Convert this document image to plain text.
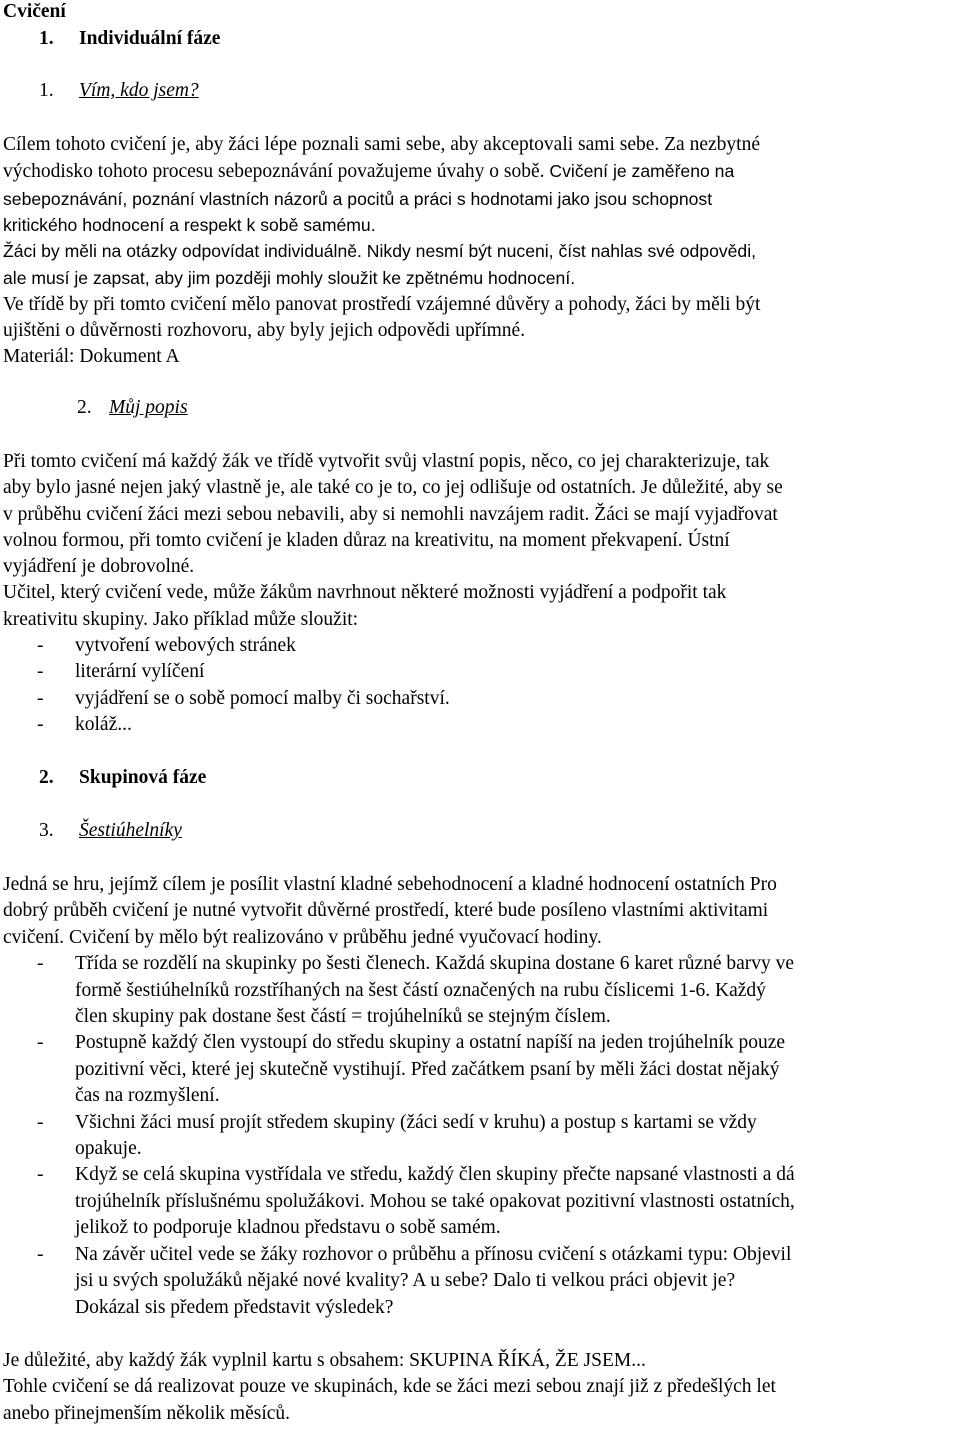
Cvičení
1. Individuální fáze
1. Vím, kdo jsem?
Cílem tohoto cvičení je, aby žáci lépe poznali sami sebe, aby akceptovali sami sebe. Za nezbytné
východisko tohoto procesu sebepoznávání považujeme úvahy o sobě. Cvičení je zaměřeno na
sebepoznávání, poznání vlastních názorů a pocitů a práci s hodnotami jako jsou schopnost
kritického hodnocení a respekt k sobě samému.
Žáci by měli na otázky odpovídat individuálně. Nikdy nesmí být nuceni, číst nahlas své odpovědi,
ale musí je zapsat, aby jim později mohly sloužit ke zpětnému hodnocení.
Ve třídě by při tomto cvičení mělo panovat prostředí vzájemné důvěry a pohody, žáci by měli být
ujištěni o důvěrnosti rozhovoru, aby byly jejich odpovědi upřímné.
Materiál: Dokument A
2. Můj popis
Při tomto cvičení má každý žák ve třídě vytvořit svůj vlastní popis, něco, co jej charakterizuje, tak
aby bylo jasné nejen jaký vlastně je, ale také co je to, co jej odlišuje od ostatních. Je důležité, aby se
v průběhu cvičení žáci mezi sebou nebavili, aby si nemohli navzájem radit. Žáci se mají vyjadřovat
volnou formou, při tomto cvičení je kladen důraz na kreativitu, na moment překvapení. Ústní
vyjádření je dobrovolné.
Učitel, který cvičení vede, může žákům navrhnout některé možnosti vyjádření a podpořit tak
kreativitu skupiny. Jako příklad může sloužit:
- vytvoření webových stránek
- literární vylíčení
- vyjádření se o sobě pomocí malby či sochařství.
- koláž...
2. Skupinová fáze
3. Šestiúhelníky
Jedná se hru, jejímž cílem je posílit vlastní kladné sebehodnocení a kladné hodnocení ostatních Pro
dobrý průběh cvičení je nutné vytvořit důvěrné prostředí, které bude posíleno vlastními aktivitami
cvičení. Cvičení by mělo být realizováno v průběhu jedné vyučovací hodiny.
- Třída se rozdělí na skupinky po šesti členech. Každá skupina dostane 6 karet různé barvy ve
formě šestiúhelníků rozstříhaných na šest částí označených na rubu číslicemi 1-6. Každý
člen skupiny pak dostane šest částí = trojúhelníků se stejným číslem.
- Postupně každý člen vystoupí do středu skupiny a ostatní napíší na jeden trojúhelník pouze
pozitivní věci, které jej skutečně vystihují. Před začátkem psaní by měli žáci dostat nějaký
čas na rozmyšlení.
- Všichni žáci musí projít středem skupiny (žáci sedí v kruhu) a postup s kartami se vždy
opakuje.
- Když se celá skupina vystřídala ve středu, každý člen skupiny přečte napsané vlastnosti a dá
trojúhelník příslušnému spolužákovi. Mohou se také opakovat pozitivní vlastnosti ostatních,
jelikož to podporuje kladnou představu o sobě samém.
- Na závěr učitel vede se žáky rozhovor o průběhu a přínosu cvičení s otázkami typu: Objevil
jsi u svých spolužáků nějaké nové kvality? A u sebe? Dalo ti velkou práci objevit je?
Dokázal sis předem představit výsledek?
Je důležité, aby každý žák vyplnil kartu s obsahem: SKUPINA ŘÍKÁ, ŽE JSEM...
Tohle cvičení se dá realizovat pouze ve skupinách, kde se žáci mezi sebou znají již z předešlých let
anebo přinejmenším několik měsíců.
